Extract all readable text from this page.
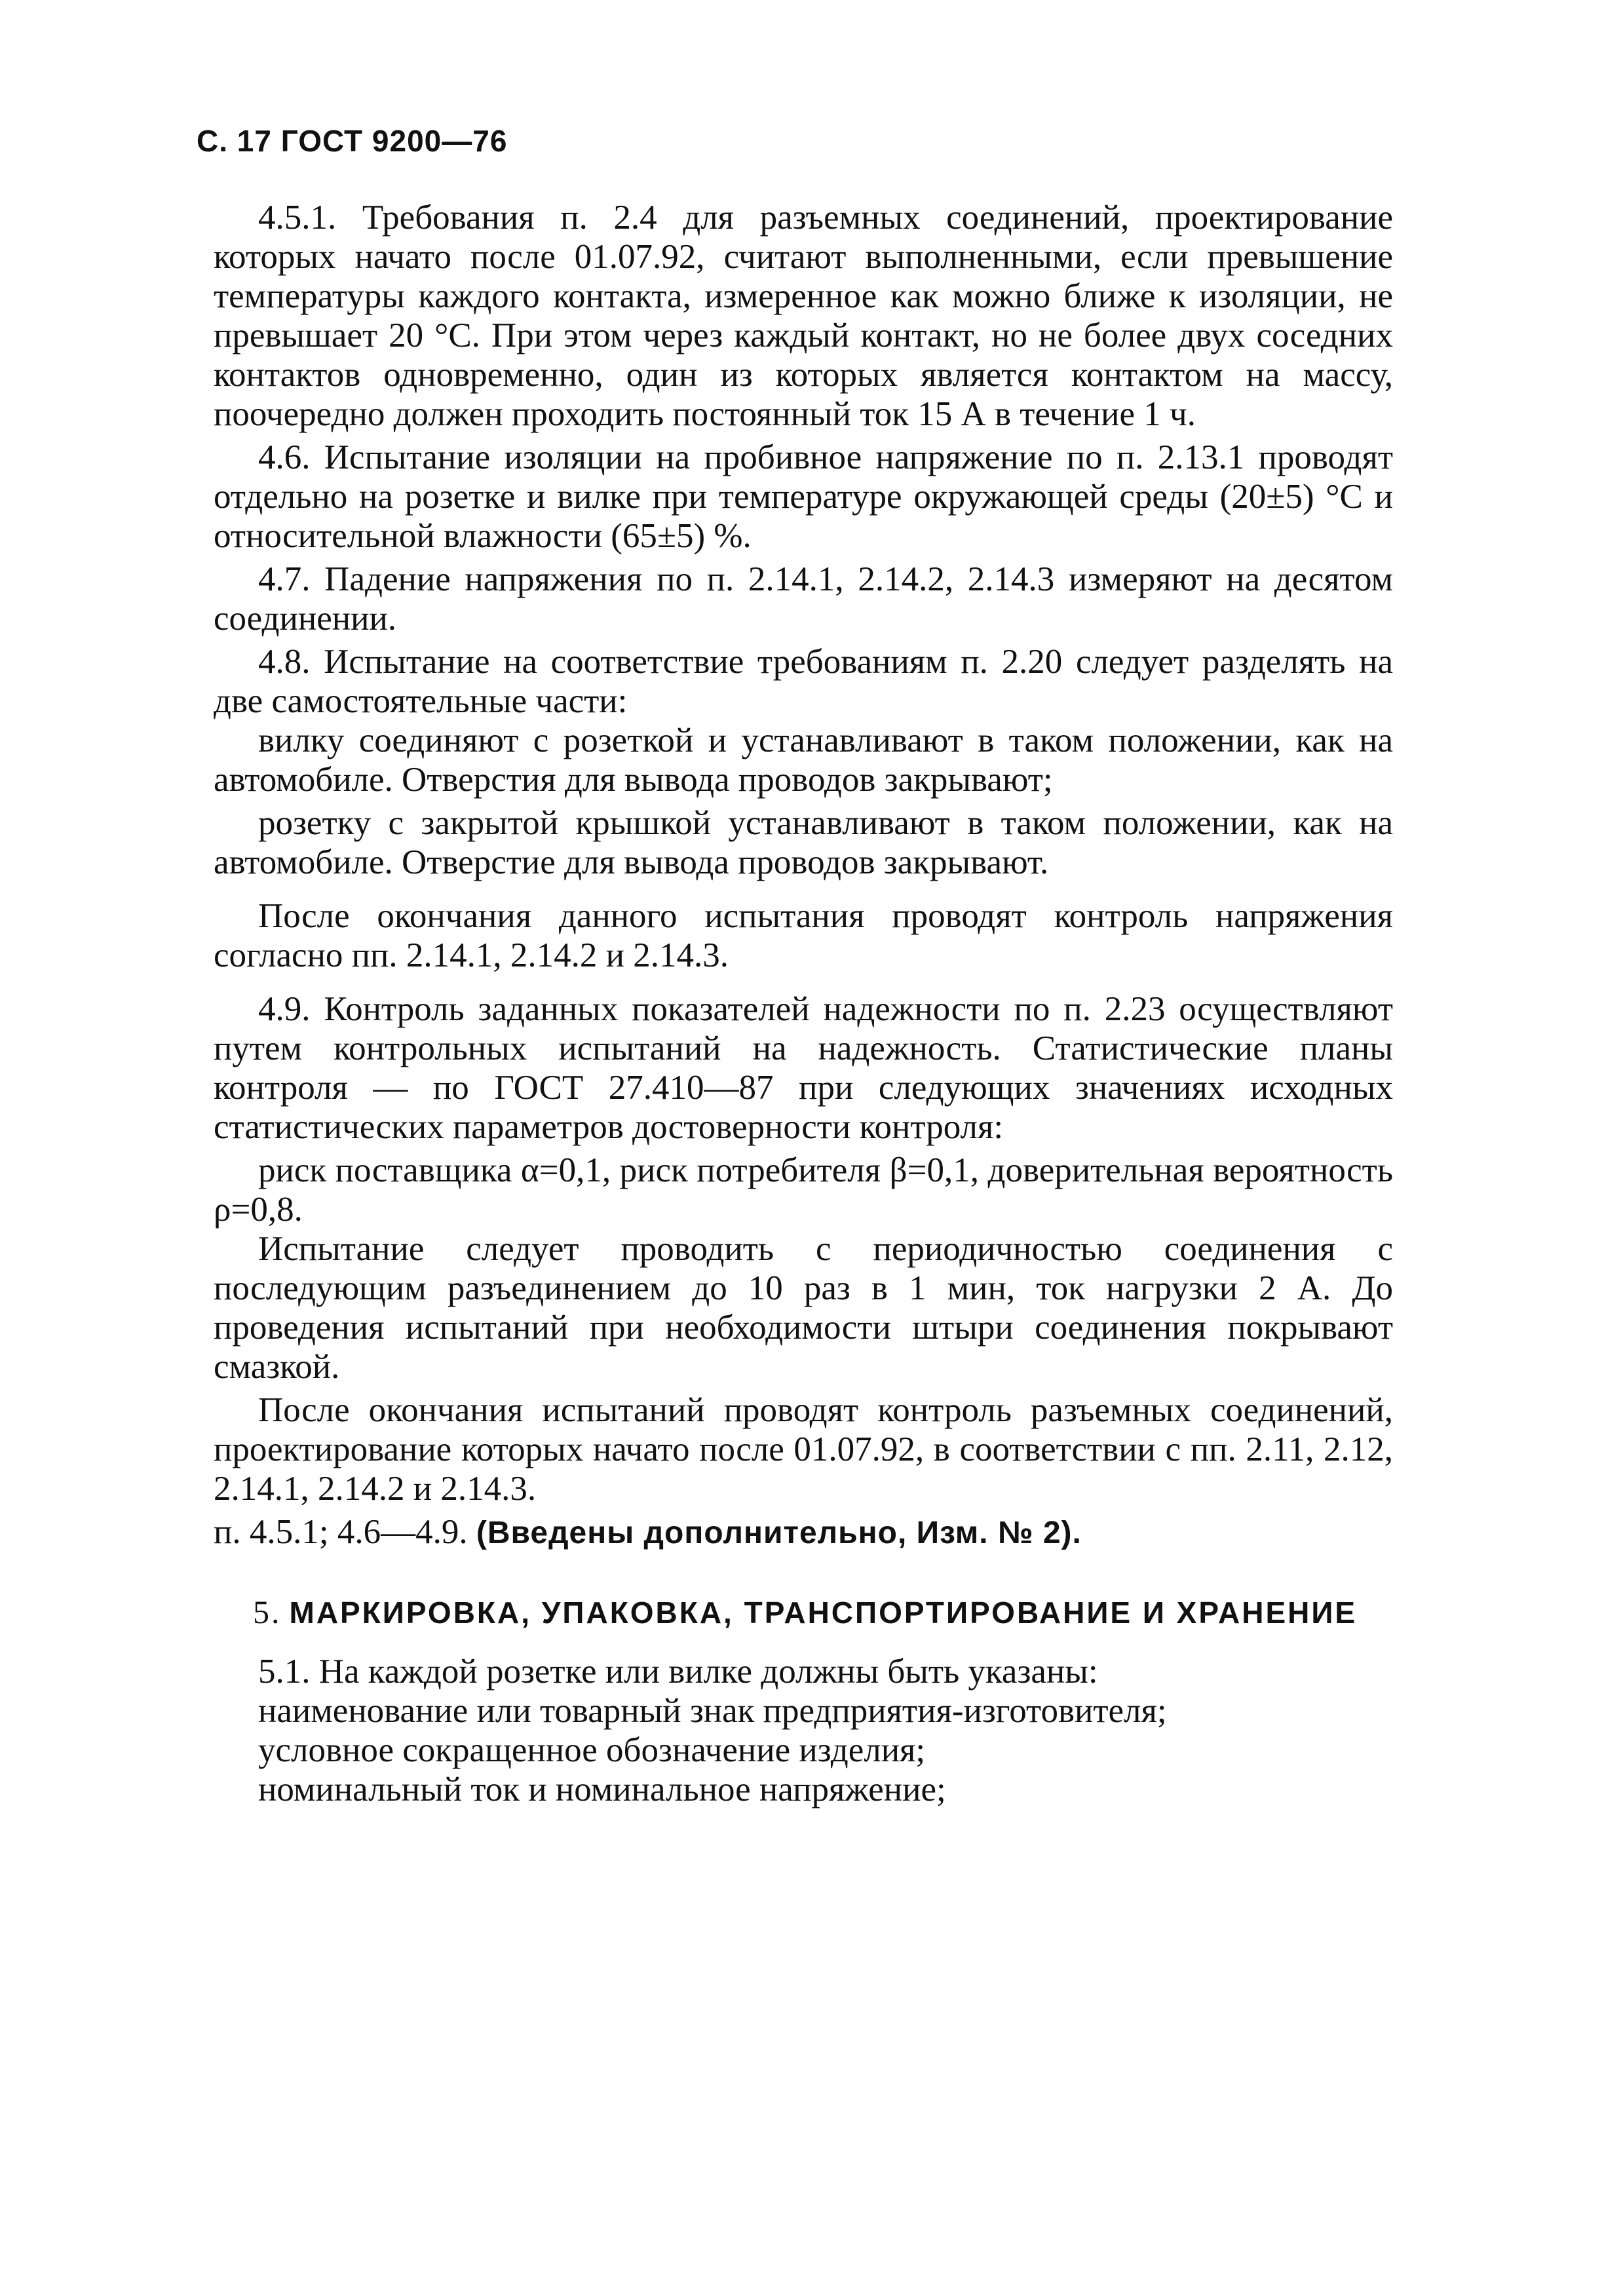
С. 17 ГОСТ 9200—76

4.5.1. Требования п. 2.4 для разъемных соединений, проектирование которых начато после 01.07.92, считают выполненными, если превышение температуры каждого контакта, измеренное как можно ближе к изоляции, не превышает 20 °С. При этом через каждый контакт, но не более двух соседних контактов одновременно, один из которых является контактом на массу, поочередно должен проходить постоянный ток 15 А в течение 1 ч.

4.6. Испытание изоляции на пробивное напряжение по п. 2.13.1 проводят отдельно на розетке и вилке при температуре окружающей среды (20±5) °С и относительной влажности (65±5) %.

4.7. Падение напряжения по п. 2.14.1, 2.14.2, 2.14.3 измеряют на десятом соединении.

4.8. Испытание на соответствие требованиям п. 2.20 следует разделять на две самостоятельные части:

вилку соединяют с розеткой и устанавливают в таком положении, как на автомобиле. Отверстия для вывода проводов закрывают;

розетку с закрытой крышкой устанавливают в таком положении, как на автомобиле. Отверстие для вывода проводов закрывают.

После окончания данного испытания проводят контроль напряжения согласно пп. 2.14.1, 2.14.2 и 2.14.3.

4.9. Контроль заданных показателей надежности по п. 2.23 осуществляют путем контрольных испытаний на надежность. Статистические планы контроля — по ГОСТ 27.410—87 при следующих значениях исходных статистических параметров достоверности контроля:

риск поставщика α=0,1, риск потребителя β=0,1, доверительная вероятность ρ=0,8.

Испытание следует проводить с периодичностью соединения с последующим разъединением до 10 раз в 1 мин, ток нагрузки 2 А. До проведения испытаний при необходимости штыри соединения покрывают смазкой.

После окончания испытаний проводят контроль разъемных соединений, проектирование которых начато после 01.07.92, в соответствии с пп. 2.11, 2.12, 2.14.1, 2.14.2 и 2.14.3.

п. 4.5.1; 4.6—4.9. (Введены дополнительно, Изм. № 2).

5. МАРКИРОВКА, УПАКОВКА, ТРАНСПОРТИРОВАНИЕ И ХРАНЕНИЕ

5.1. На каждой розетке или вилке должны быть указаны:

наименование или товарный знак предприятия-изготовителя;

условное сокращенное обозначение изделия;

номинальный ток и номинальное напряжение;
